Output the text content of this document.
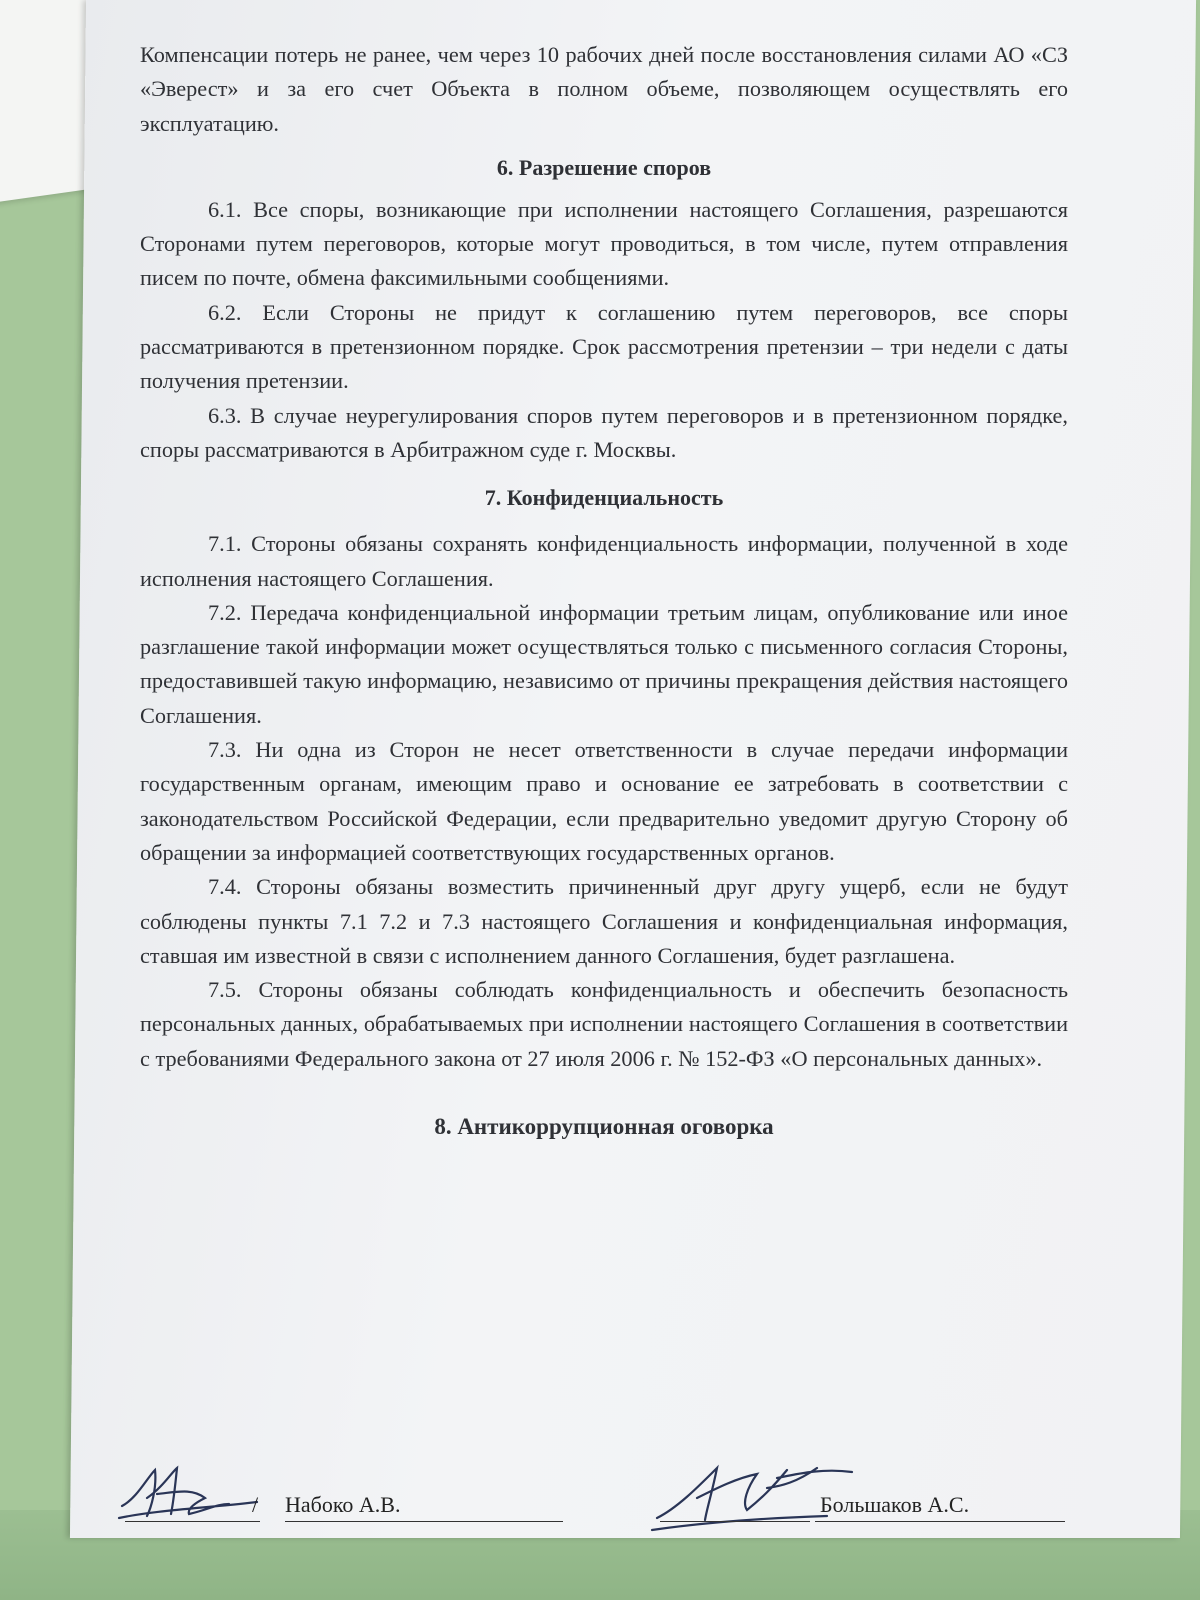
Компенсации потерь не ранее, чем через 10 рабочих дней после восстановления силами АО «СЗ «Эверест» и за его счет Объекта в полном объеме, позволяющем осуществлять его эксплуатацию.

6. Разрешение споров

6.1. Все споры, возникающие при исполнении настоящего Соглашения, разрешаются Сторонами путем переговоров, которые могут проводиться, в том числе, путем отправления писем по почте, обмена факсимильными сообщениями.

6.2. Если Стороны не придут к соглашению путем переговоров, все споры рассматриваются в претензионном порядке. Срок рассмотрения претензии – три недели с даты получения претензии.

6.3. В случае неурегулирования споров путем переговоров и в претензионном порядке, споры рассматриваются в Арбитражном суде г. Москвы.

7. Конфиденциальность

7.1. Стороны обязаны сохранять конфиденциальность информации, полученной в ходе исполнения настоящего Соглашения.

7.2. Передача конфиденциальной информации третьим лицам, опубликование или иное разглашение такой информации может осуществляться только с письменного согласия Стороны, предоставившей такую информацию, независимо от причины прекращения действия настоящего Соглашения.

7.3. Ни одна из Сторон не несет ответственности в случае передачи информации государственным органам, имеющим право и основание ее затребовать в соответствии с законодательством Российской Федерации, если предварительно уведомит другую Сторону об обращении за информацией соответствующих государственных органов.

7.4. Стороны обязаны возместить причиненный друг другу ущерб, если не будут соблюдены пункты 7.1 7.2 и 7.3 настоящего Соглашения и конфиденциальная информация, ставшая им известной в связи с исполнением данного Соглашения, будет разглашена.

7.5. Стороны обязаны соблюдать конфиденциальность и обеспечить безопасность персональных данных, обрабатываемых при исполнении настоящего Соглашения в соответствии с требованиями Федерального закона от 27 июля 2006 г. № 152-ФЗ «О персональных данных».

8. Антикоррупционная оговорка
/ Набоко А.В.	Большаков А.С.
